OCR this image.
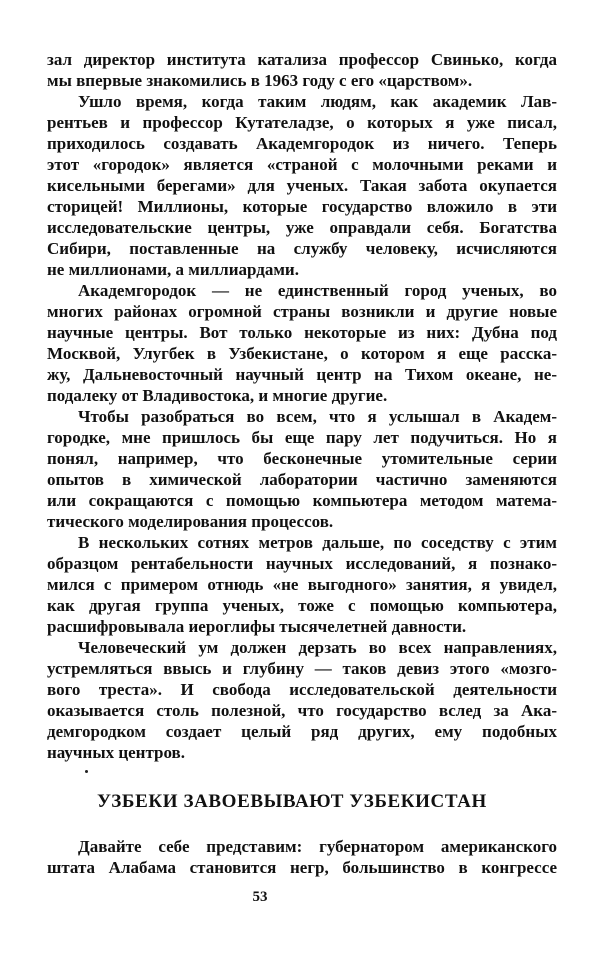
зал директор института катализа профессор Свинько, когда
мы впервые знакомились в 1963 году с его «царством».
Ушло время, когда таким людям, как академик Лав-
рентьев и профессор Кутателадзе, о которых я уже писал,
приходилось создавать Академгородок из ничего. Теперь
этот «городок» является «страной с молочными реками и
кисельными берегами» для ученых. Такая забота окупается
сторицей! Миллионы, которые государство вложило в эти
исследовательские центры, уже оправдали себя. Богатства
Сибири, поставленные на службу человеку, исчисляются
не миллионами, а миллиардами.
Академгородок — не единственный город ученых, во
многих районах огромной страны возникли и другие новые
научные центры. Вот только некоторые из них: Дубна под
Москвой, Улугбек в Узбекистане, о котором я еще расска-
жу, Дальневосточный научный центр на Тихом океане, не-
подалеку от Владивостока, и многие другие.
Чтобы разобраться во всем, что я услышал в Академ-
городке, мне пришлось бы еще пару лет подучиться. Но я
понял, например, что бесконечные утомительные серии
опытов в химической лаборатории частично заменяются
или сокращаются с помощью компьютера методом матема-
тического моделирования процессов.
В нескольких сотнях метров дальше, по соседству с этим
образцом рентабельности научных исследований, я познако-
мился с примером отнюдь «не выгодного» занятия, я увидел,
как другая группа ученых, тоже с помощью компьютера,
расшифровывала иероглифы тысячелетней давности.
Человеческий ум должен дерзать во всех направлениях,
устремляться ввысь и глубину — таков девиз этого «мозго-
вого треста». И свобода исследовательской деятельности
оказывается столь полезной, что государство вслед за Ака-
демгородком создает целый ряд других, ему подобных
научных центров.
УЗБЕКИ ЗАВОЕВЫВАЮТ УЗБЕКИСТАН
Давайте себе представим: губернатором американского
штата Алабама становится негр, большинство в конгрессе
53
